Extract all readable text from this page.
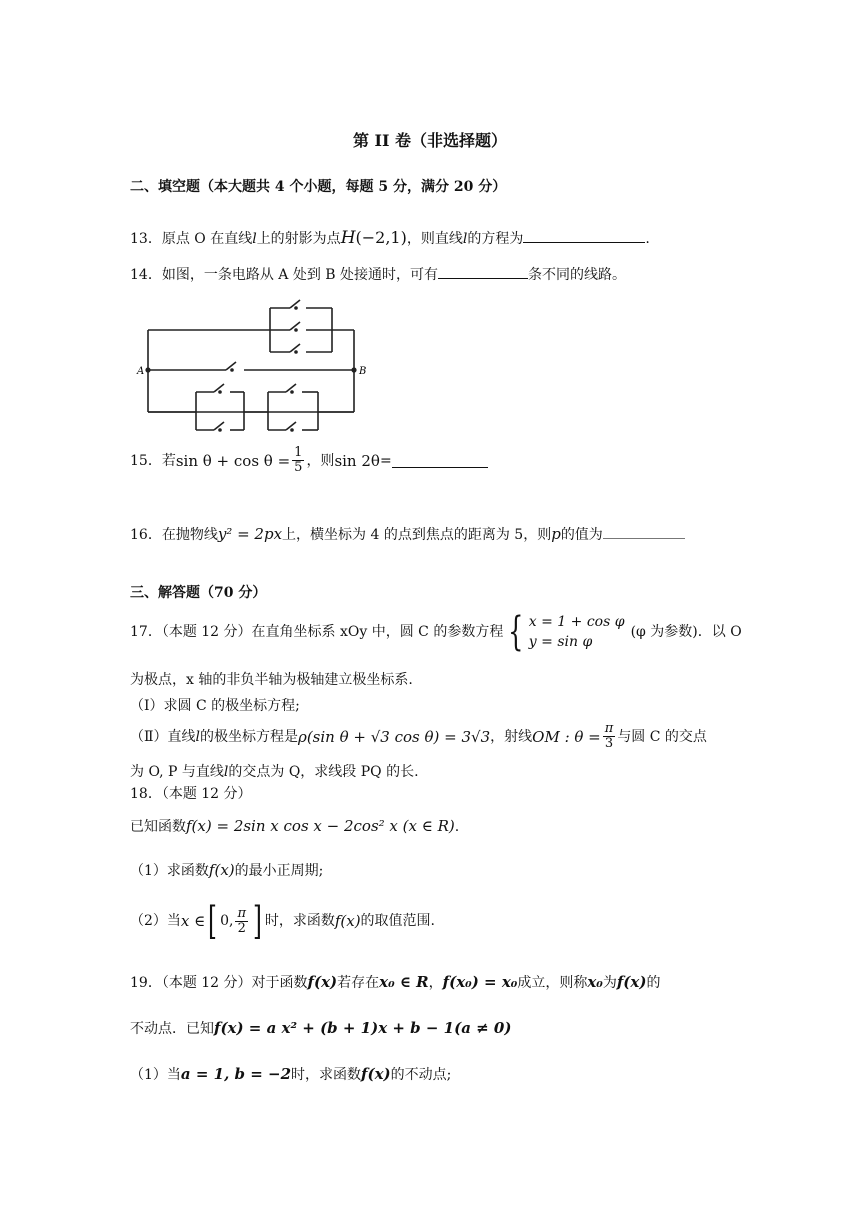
第 II 卷（非选择题）
二、填空题（本大题共 4 个小题，每题 5 分，满分 20 分）
13．原点 O 在直线l上的射影为点H(−2,1)，则直线l的方程为	.
14．如图，一条电路从 A 处到 B 处接通时，可有	条不同的线路。
A	B
15．若 $\sin \theta + \cos \theta = \frac{1}{5}$ ，则 sin 2θ =
16．在抛物线y² = 2px上，横坐标为 4 的点到焦点的距离为 5，则p的值为
三、解答题（70 分）
17．（本题 12 分）在直角坐标系 xOy 中，圆 C 的参数方程 { x = 1 + cos φ
y = sin φ
(φ 为参数) ．以 O
为极点，x 轴的非负半轴为极轴建立极坐标系.
（Ⅰ）求圆 C 的极坐标方程;
（Ⅱ）直线 l 的极坐标方程是 ρ(sin θ + √3 cos θ) = 3√3 ，射线 OM : $\theta = \frac{\pi}{3}$ 与圆 C 的交点
为 O, P 与直线l的交点为 Q，求线段 PQ 的长.
18．（本题 12 分）
已知函数f(x) = 2sin x cos x − 2cos² x (x ∈ R).
（1）求函数f(x)的最小正周期;
（2）当 x ∈ [ 0, $\frac{\pi}{2}$ ] 时，求函数 f(x) 的取值范围.
19．（本题 12 分）对于函数f(x)若存在x₀ ∈ R，f(x₀) = x₀成立，则称x₀为f(x)的
不动点．已知f(x) = a x² + (b + 1)x + b − 1(a ≠ 0)
（1）当a = 1, b = −2时，求函数f(x)的不动点;
